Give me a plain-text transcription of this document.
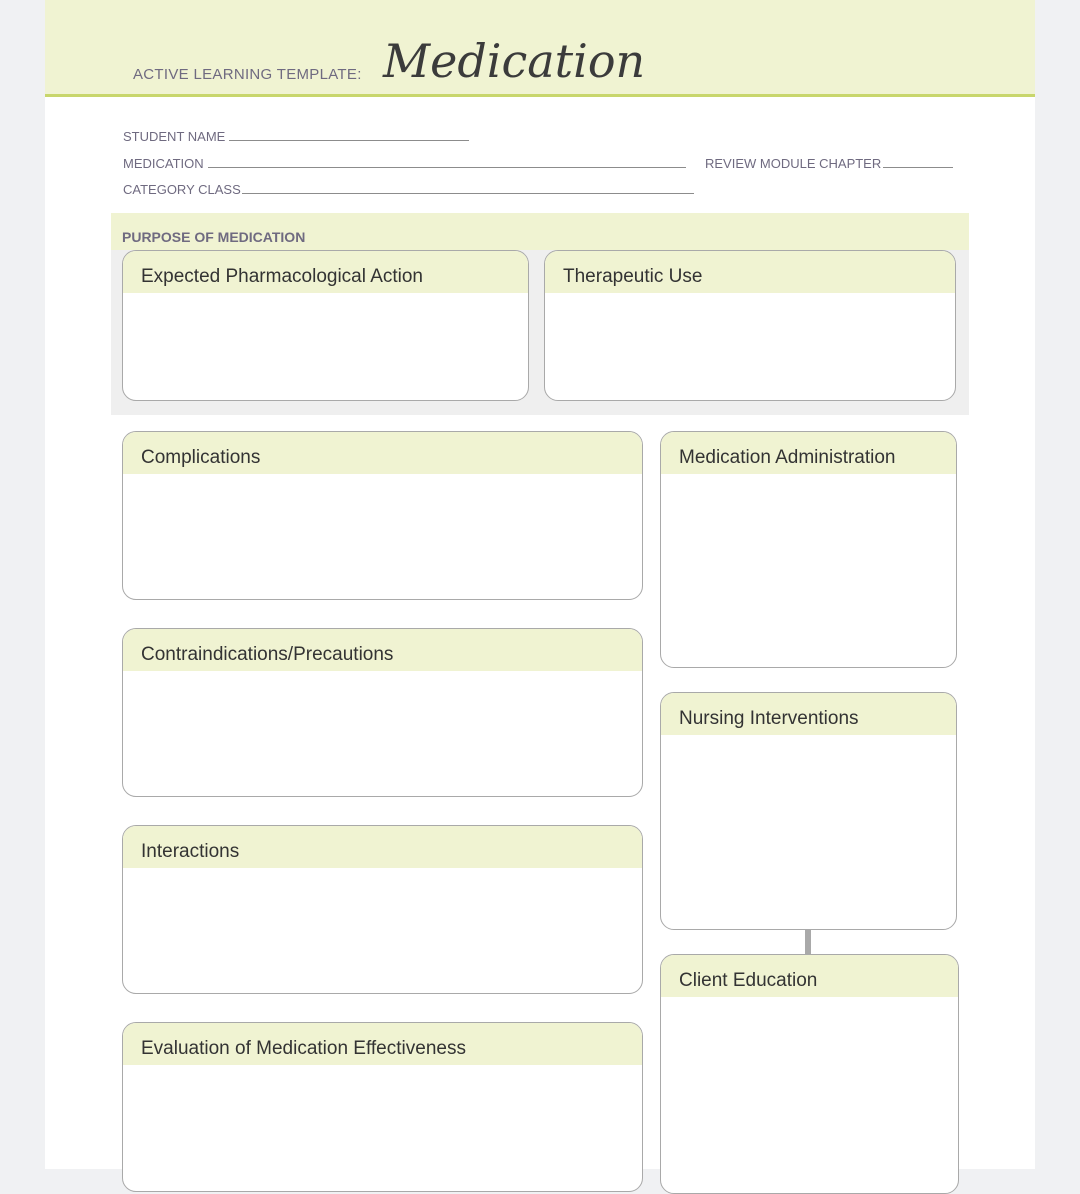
ACTIVE LEARNING TEMPLATE: Medication
STUDENT NAME
MEDICATION	REVIEW MODULE CHAPTER
CATEGORY CLASS
PURPOSE OF MEDICATION
Expected Pharmacological Action	Therapeutic Use
Complications
Contraindications/Precautions
Interactions
Evaluation of Medication Effectiveness
Medication Administration
Nursing Interventions
Client Education
